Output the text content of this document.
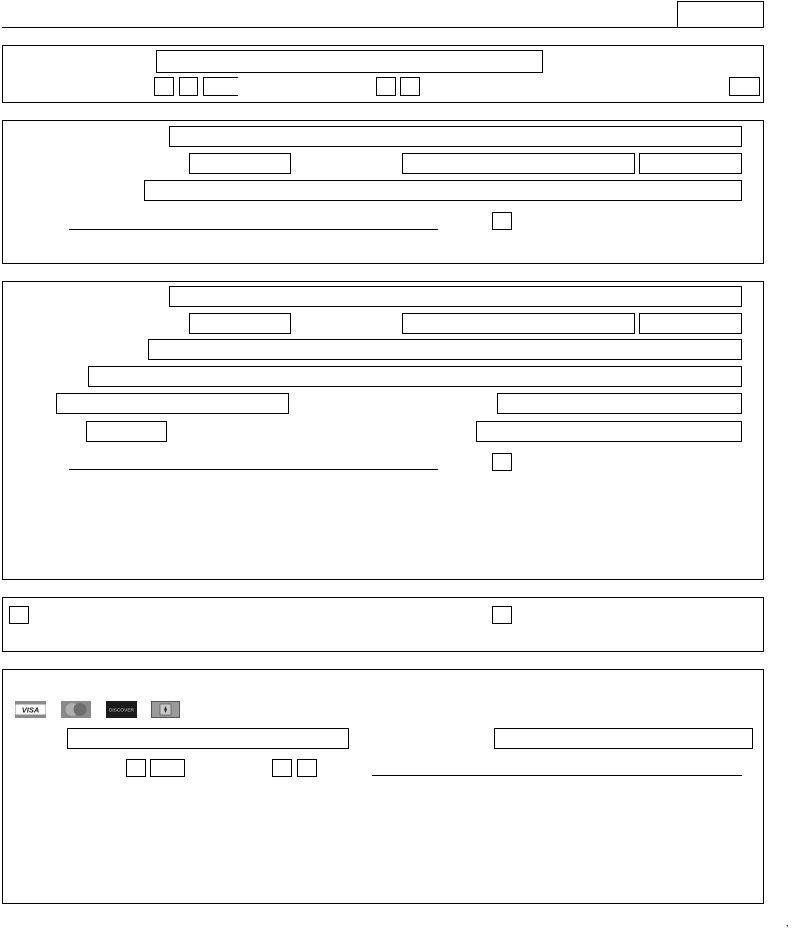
VISA	DISCOVER
,
